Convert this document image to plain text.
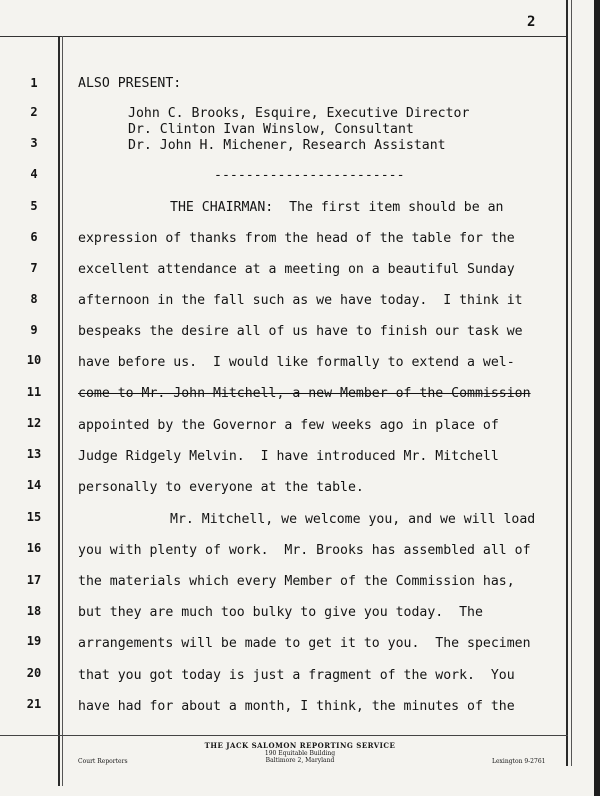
2
1
2
3
4
5
6
7
8
9
10
11
12
13
14
15
16
17
18
19
20
21
ALSO PRESENT:
John C. Brooks, Esquire, Executive Director
Dr. Clinton Ivan Winslow, Consultant
Dr. John H. Michener, Research Assistant
------------------------
THE CHAIRMAN:  The first item should be an
expression of thanks from the head of the table for the
excellent attendance at a meeting on a beautiful Sunday
afternoon in the fall such as we have today.  I think it
bespeaks the desire all of us have to finish our task we
have before us.  I would like formally to extend a wel-
come to Mr. John Mitchell, a new Member of the Commission
appointed by the Governor a few weeks ago in place of
Judge Ridgely Melvin.  I have introduced Mr. Mitchell
personally to everyone at the table.
Mr. Mitchell, we welcome you, and we will load
you with plenty of work.  Mr. Brooks has assembled all of
the materials which every Member of the Commission has,
but they are much too bulky to give you today.  The
arrangements will be made to get it to you.  The specimen
that you got today is just a fragment of the work.  You
have had for about a month, I think, the minutes of the
THE JACK SALOMON REPORTING SERVICE
190 Equitable Building
Baltimore 2, Maryland
Court Reporters	Lexington 9-2761
